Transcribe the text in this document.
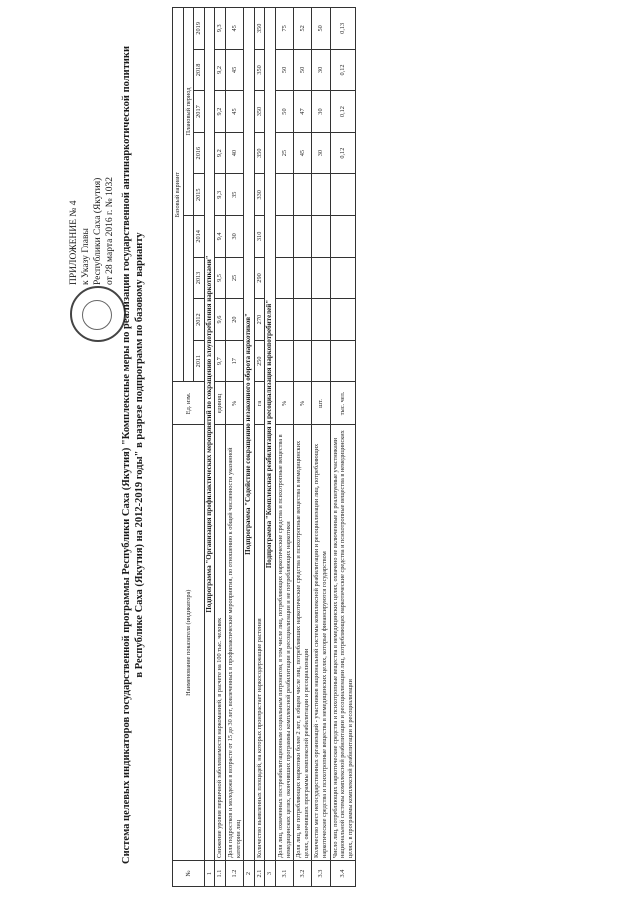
ПРИЛОЖЕНИЕ № 4 к Указу Главы Республики Саха (Якутия) от 28 марта 2016 г. № 1032 Система целевых индикаторов государственной программы Республики Саха (Якутия) "Комплексные меры по реализации государственной антинаркотической политики в Республике Саха (Якутия) на 2012-2019 годы" в разрезе подпрограмм по базовому варианту
№	Наименование показателя (индикатора)	Ед. изм.	Базовый вариант								
							Плановый период				
			2011	2012	2013	2014	2015	2016	2017	2018	2019
1	Подпрограмма "Организация профилактических мероприятий по сокращению злоупотребления наркотиками"										
1.1	Снижение уровня первичной заболеваемости наркоманией, в расчете на 100 тыс. человек	единиц	9,7	9,6	9,5	9,4	9,3	9,2	9,2	9,2	9,3
1.2	Доля подростков и молодежи в возрасте от 15 до 30 лет, вовлеченных в профилактические мероприятия, по отношению к общей численности указанной категории лиц	%	17	20	25	30	35	40	45	45	45
2	Подпрограмма "Содействие сокращению незаконного оборота наркотиков"										
2.1	Количество выявленных площадей, на которых произрастает наркосодержащие растения	га	250	270	290	310	330	350	350	350	350
3	Подпрограмма "Комплексная реабилитация и ресоциализация наркопотребителей"										
3.1	Доля лиц, охваченных постреабилитационным социальным патронатом, в том числе лиц, потребляющих наркотические средства и психотропные вещества в немедицинских целях, окончивших программы комплексной реабилитации и ресоциализации и не потребляющих наркотики	%						25	50	50	75
3.2	Доля лиц, не потребляющих наркотики более 2 лет, в общем числе лиц, потреблявших наркотические средства и психотропные вещества в немедицинских целях, окончивших программы комплексной реабилитации и ресоциализации	%						45	47	50	52
3.3	Количество мест негосударственных организаций - участников национальной системы комплексной реабилитации и ресоциализации лиц, потребляющих наркотические средства и психотропные вещества в немедицинских целях, которые финансируются государством	шт.						30	30	30	50
3.4	Число лиц, потребляющих наркотические средства и психотропные вещества в немедицинских целях, охвачено не включенные в реализуемые участниками национальной системы комплексной реабилитации и ресоциализации лиц, потребляющих наркотические средства и психотропные вещества в немедицинских целях, в программы комплексной реабилитации и ресоциализации	тыс. чел.						0,12	0,12	0,12	0,13
